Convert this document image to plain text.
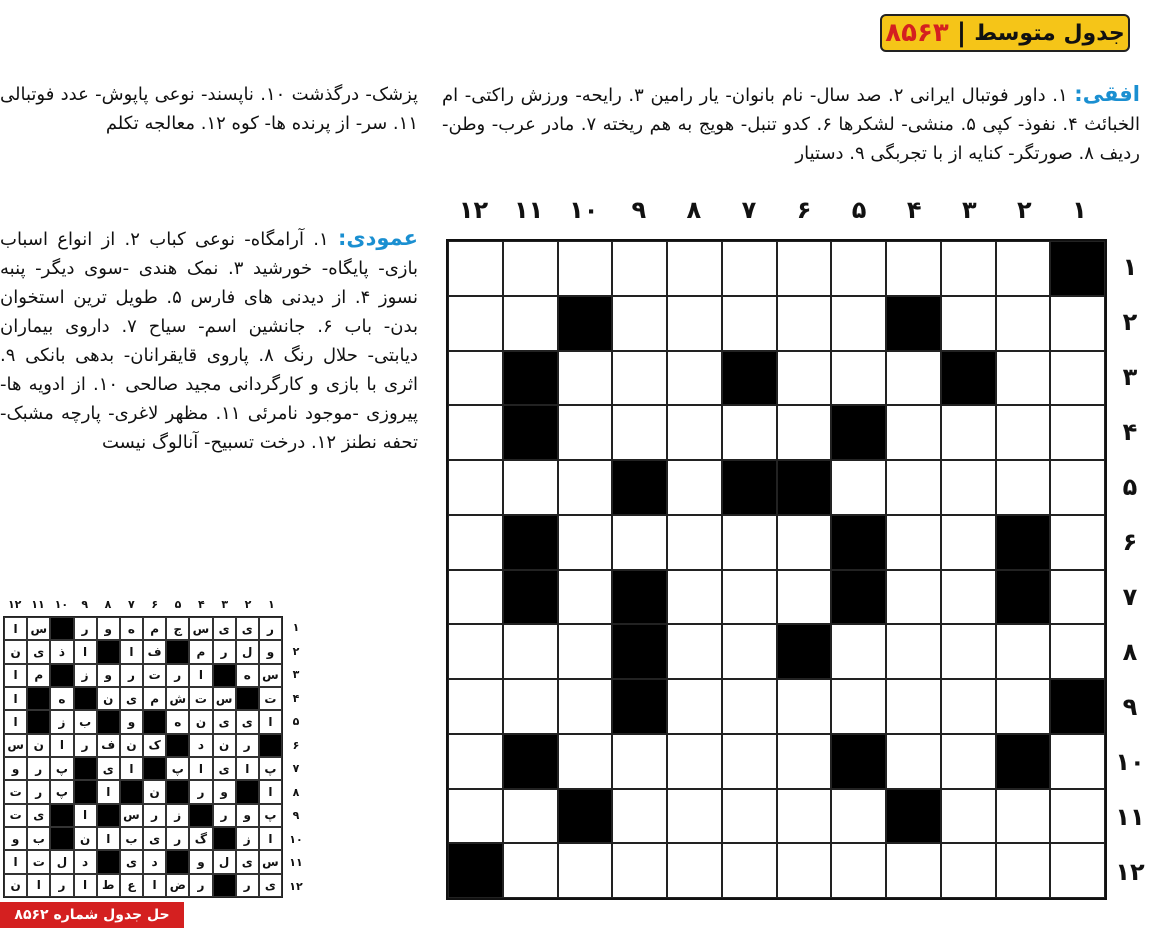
جدول متوسط
|
۸۵۶۳
افقی: ۱. داور فوتبال ایرانی ۲. صد سال- نام بانوان- یار رامین ۳. رایحه- ورزش راکتی- ام الخبائث ۴. نفوذ- کپی ۵. منشی- لشکرها ۶. کدو تنبل- هویج به هم ریخته ۷. مادر عرب- وطن- ردیف ۸. صورتگر- کنایه از با تجربگی ۹. دستیار
پزشک- درگذشت ۱۰. ناپسند- نوعی پاپوش- عدد فوتبالی ۱۱. سر- از پرنده ها- کوه ۱۲. معالجه تکلم
عمودی: ۱. آرامگاه- نوعی کباب ۲. از انواع اسباب بازی- پایگاه- خورشید ۳. نمک هندی -سوی دیگر- پنبه نسوز ۴. از دیدنی های فارس ۵. طویل ترین استخوان بدن- باب ۶. جانشین اسم- سیاح ۷. داروی بیماران دیابتی- حلال رنگ ۸. پاروی قایقرانان- بدهی بانکی ۹. اثری با بازی و کارگردانی مجید صالحی ۱۰. از ادویه ها- پیروزی -موجود نامرئی ۱۱. مظهر لاغری- پارچه مشبک- تحفه نطنز ۱۲. درخت تسبیح- آنالوگ نیست
۱
۲
۳
۴
۵
۶
۷
۸
۹
۱۰
۱۱
۱۲
۱
۲
۳
۴
۵
۶
۷
۸
۹
۱۰
۱۱
۱۲
۱
۲
۳
۴
۵
۶
۷
۸
۹
۱۰
۱۱
۱۲
۱
۲
۳
۴
۵
۶
۷
۸
۹
۱۰
۱۱
۱۲
ر
ی
ی
س
ج
م
ه
و
ر
س
ا
و
ل
ر
م
ف
ا
ا
ذ
ی
ن
س
ه
ا
ر
ت
ر
و
ز
م
ا
ت
س
ت
ش
م
ی
ن
ه
ا
ا
ی
ی
ن
ه
و
ب
ز
ا
ر
ن
د
ک
ن
ف
ر
ا
ن
س
پ
ا
ی
ا
پ
ا
ی
پ
ر
و
ا
و
ر
ن
ا
پ
ر
ت
پ
و
ر
ز
ر
س
ا
ی
ت
ا
ز
گ
ر
ی
ب
ا
ن
ب
و
س
ی
ل
و
د
ی
د
ل
ت
ا
ی
ر
ر
ض
ا
ع
ط
ا
ر
ا
ن
حل جدول شماره ۸۵۶۲
